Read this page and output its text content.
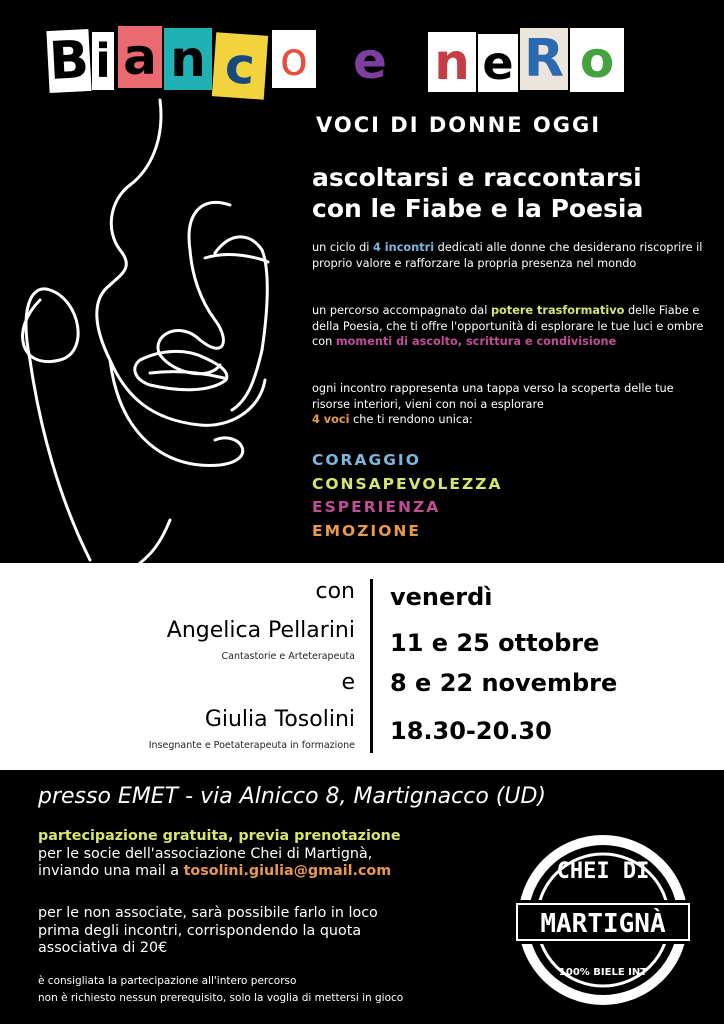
B i a n c o e n e R o
VOCI DI DONNE OGGI
ascoltarsi e raccontarsi
con le Fiabe e la Poesia
un ciclo di 4 incontri dedicati alle donne che desiderano riscoprire il proprio valore e rafforzare la propria presenza nel mondo
un percorso accompagnato dal potere trasformativo delle Fiabe e della Poesia, che ti offre l'opportunità di esplorare le tue luci e ombre con momenti di ascolto, scrittura e condivisione
ogni incontro rappresenta una tappa verso la scoperta delle tue risorse interiori, vieni con noi a esplorare
4 voci che ti rendono unica:
CORAGGIO
CONSAPEVOLEZZA
ESPERIENZA
EMOZIONE
con
Angelica Pellarini
Cantastorie e Arteterapeuta
e
Giulia Tosolini
Insegnante e Poetaterapeuta in formazione
venerdì
11 e 25 ottobre
8 e 22 novembre
18.30-20.30
presso EMET - via Alnicco 8, Martignacco (UD)
partecipazione gratuita, previa prenotazione
per le socie dell'associazione Chei di Martignà,
inviando una mail a tosolini.giulia@gmail.com
per le non associate, sarà possibile farlo in loco
prima degli incontri, corrispondendo la quota
associativa di 20€
è consigliata la partecipazione all'intero percorso
non è richiesto nessun prerequisito, solo la voglia di mettersi in gioco
CHEI DI
MARTIGNÀ
100% BIELE INT
